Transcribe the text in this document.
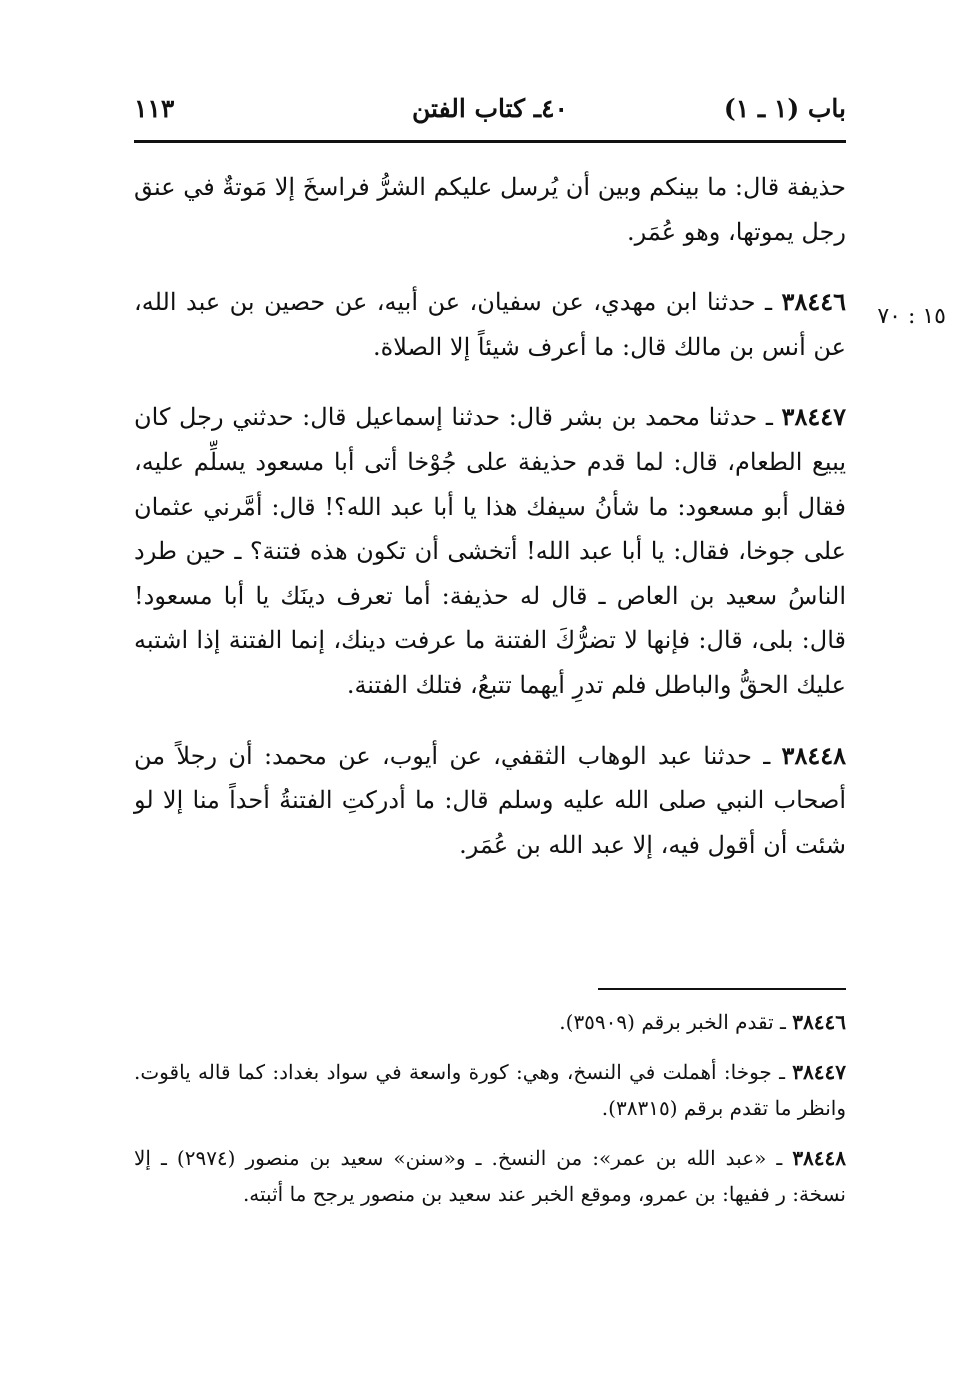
باب (١ ـ ١)
٤٠ـ كتاب الفتن
١١٣
١٥ : ٧٠

حذيفة قال: ما بينكم وبين أن يُرسل عليكم الشرُّ فراسخَ إلا مَوتةٌ في عنق رجل يموتها، وهو عُمَر.

٣٨٤٤٦ ـ حدثنا ابن مهدي، عن سفيان، عن أبيه، عن حصين بن عبد الله، عن أنس بن مالك قال: ما أعرف شيئاً إلا الصلاة.

٣٨٤٤٧ ـ حدثنا محمد بن بشر قال: حدثنا إسماعيل قال: حدثني رجل كان يبيع الطعام، قال: لما قدم حذيفة على جُوْخا أتى أبا مسعود يسلِّم عليه، فقال أبو مسعود: ما شأنُ سيفك هذا يا أبا عبد الله؟! قال: أمَّرني عثمان على جوخا، فقال: يا أبا عبد الله! أتخشى أن تكون هذه فتنة؟ ـ حين طرد الناسُ سعيد بن العاص ـ قال له حذيفة: أما تعرف دينَك يا أبا مسعود! قال: بلى، قال: فإنها لا تضرُّكَ الفتنة ما عرفت دينك، إنما الفتنة إذا اشتبه عليك الحقُّ والباطل فلم تدرِ أيهما تتبعُ، فتلك الفتنة.

٣٨٤٤٨ ـ حدثنا عبد الوهاب الثقفي، عن أيوب، عن محمد: أن رجلاً من أصحاب النبي صلى الله عليه وسلم قال: ما أدركتِ الفتنةُ أحداً منا إلا لو شئت أن أقول فيه، إلا عبد الله بن عُمَر.

٣٨٤٤٦ ـ تقدم الخبر برقم (٣٥٩٠٩).

٣٨٤٤٧ ـ جوخا: أهملت في النسخ، وهي: كورة واسعة في سواد بغداد: كما قاله ياقوت. وانظر ما تقدم برقم (٣٨٣١٥).

٣٨٤٤٨ ـ «عبد الله بن عمر»: من النسخ. ـ و«سنن» سعيد بن منصور (٢٩٧٤) ـ إلا نسخة: ر ففيها: بن عمرو، وموقع الخبر عند سعيد بن منصور يرجح ما أثبته.
